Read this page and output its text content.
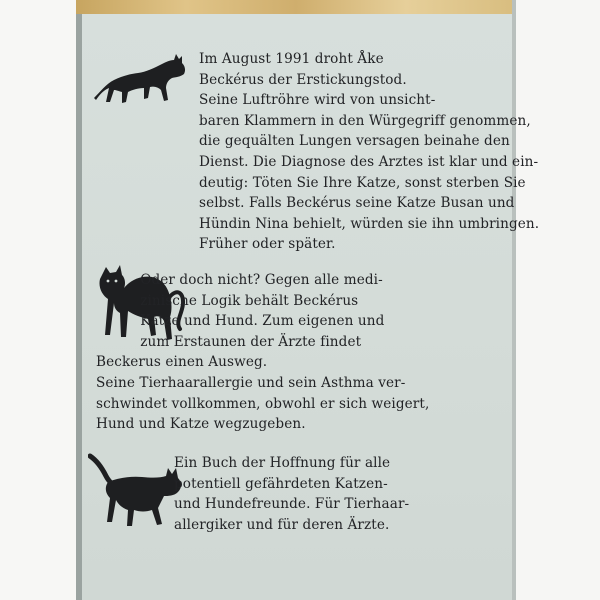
Im August 1991 droht Åke
Beckérus der Erstickungstod.
Seine Luftröhre wird von unsicht-
baren Klammern in den Würgegriff genommen,
die gequälten Lungen versagen beinahe den
Dienst. Die Diagnose des Arztes ist klar und ein-
deutig: Töten Sie Ihre Katze, sonst sterben Sie
selbst. Falls Beckérus seine Katze Busan und
Hündin Nina behielt, würden sie ihn umbringen.
Früher oder später.

Oder doch nicht? Gegen alle medi-
zinische Logik behält Beckérus
Katze und Hund. Zum eigenen und
zum Erstaunen der Ärzte findet
Beckerus einen Ausweg.
Seine Tierhaarallergie und sein Asthma ver-
schwindet vollkommen, obwohl er sich weigert,
Hund und Katze wegzugeben.

Ein Buch der Hoffnung für alle
potentiell gefährdeten Katzen-
und Hundefreunde. Für Tierhaar-
allergiker und für deren Ärzte.
